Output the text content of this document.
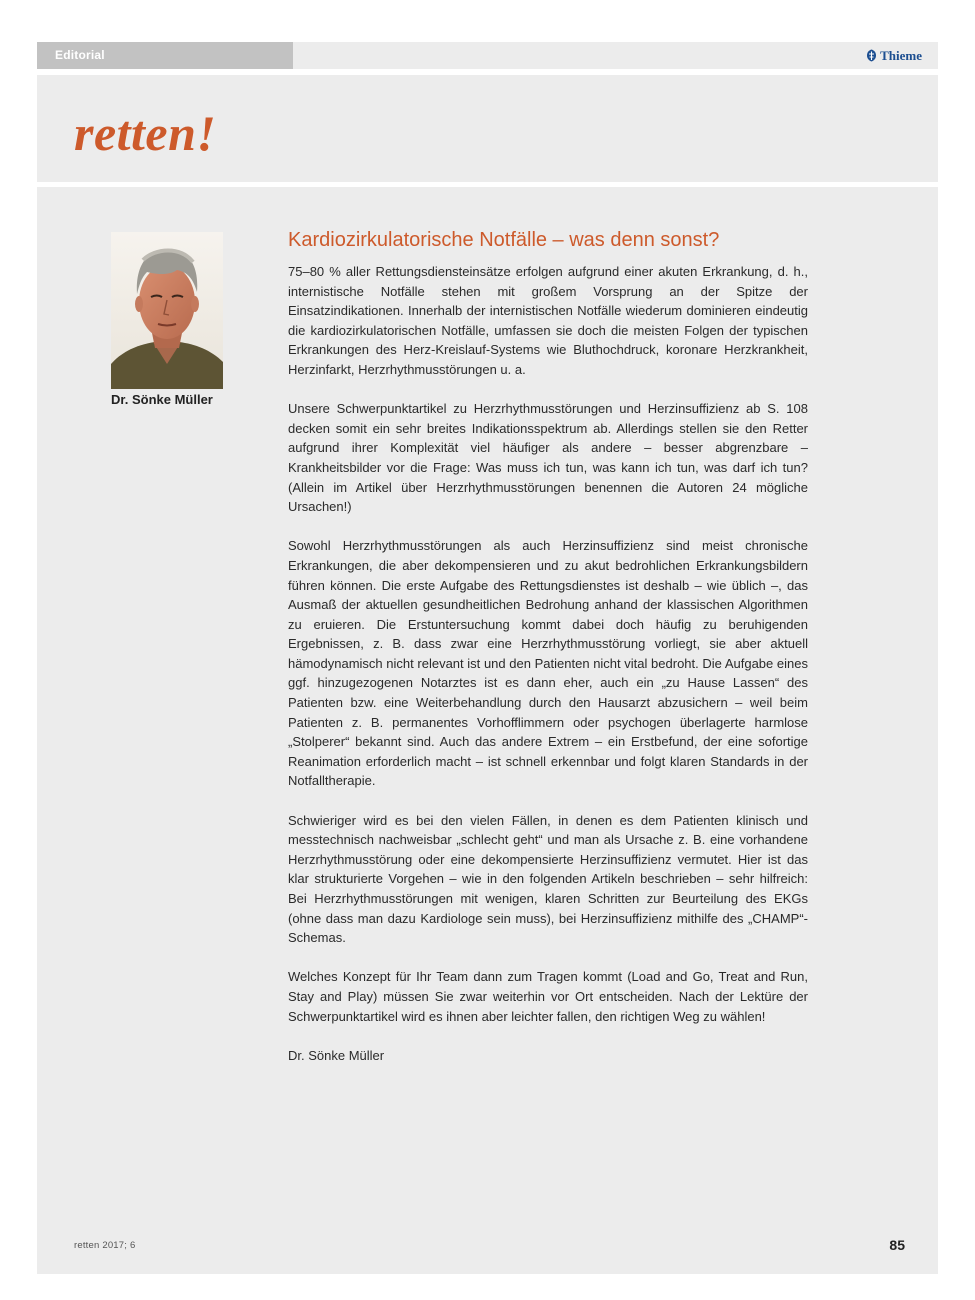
Editorial	Thieme
retten!
Dr. Sönke Müller
Kardiozirkulatorische Notfälle – was denn sonst?

75–80 % aller Rettungsdiensteinsätze erfolgen aufgrund einer akuten Erkrankung, d. h., internistische Notfälle stehen mit großem Vorsprung an der Spitze der Einsatzindikationen. Innerhalb der internistischen Notfälle wiederum dominieren eindeutig die kardiozirkulatorischen Notfälle, umfassen sie doch die meisten Folgen der typischen Erkrankungen des Herz-Kreislauf-Systems wie Bluthochdruck, koronare Herzkrankheit, Herzinfarkt, Herzrhythmusstörungen u. a.

Unsere Schwerpunktartikel zu Herzrhythmusstörungen und Herzinsuffizienz ab S. 108 decken somit ein sehr breites Indikationsspektrum ab. Allerdings stellen sie den Retter aufgrund ihrer Komplexität viel häufiger als andere – besser abgrenzbare – Krankheitsbilder vor die Frage: Was muss ich tun, was kann ich tun, was darf ich tun? (Allein im Artikel über Herzrhythmusstörungen benennen die Autoren 24 mögliche Ursachen!)

Sowohl Herzrhythmusstörungen als auch Herzinsuffizienz sind meist chronische Erkrankungen, die aber dekompensieren und zu akut bedrohlichen Erkrankungsbildern führen können. Die erste Aufgabe des Rettungsdienstes ist deshalb – wie üblich –, das Ausmaß der aktuellen gesundheitlichen Bedrohung anhand der klassischen Algorithmen zu eruieren. Die Erstuntersuchung kommt dabei doch häufig zu beruhigenden Ergebnissen, z. B. dass zwar eine Herzrhythmusstörung vorliegt, sie aber aktuell hämodynamisch nicht relevant ist und den Patienten nicht vital bedroht. Die Aufgabe eines ggf. hinzugezogenen Notarztes ist es dann eher, auch ein „zu Hause Lassen“ des Patienten bzw. eine Weiterbehandlung durch den Hausarzt abzusichern – weil beim Patienten z. B. permanentes Vorhofflimmern oder psychogen überlagerte harmlose „Stolperer“ bekannt sind. Auch das andere Extrem – ein Erstbefund, der eine sofortige Reanimation erforderlich macht – ist schnell erkennbar und folgt klaren Standards in der Notfalltherapie.

Schwieriger wird es bei den vielen Fällen, in denen es dem Patienten klinisch und messtechnisch nachweisbar „schlecht geht“ und man als Ursache z. B. eine vorhandene Herzrhythmusstörung oder eine dekompensierte Herzinsuffizienz vermutet. Hier ist das klar strukturierte Vorgehen – wie in den folgenden Artikeln beschrieben – sehr hilfreich: Bei Herzrhythmusstörungen mit wenigen, klaren Schritten zur Beurteilung des EKGs (ohne dass man dazu Kardiologe sein muss), bei Herzinsuffizienz mithilfe des „CHAMP“-Schemas.

Welches Konzept für Ihr Team dann zum Tragen kommt (Load and Go, Treat and Run, Stay and Play) müssen Sie zwar weiterhin vor Ort entscheiden. Nach der Lektüre der Schwerpunktartikel wird es ihnen aber leichter fallen, den richtigen Weg zu wählen!

Dr. Sönke Müller

retten 2017; 6	85
